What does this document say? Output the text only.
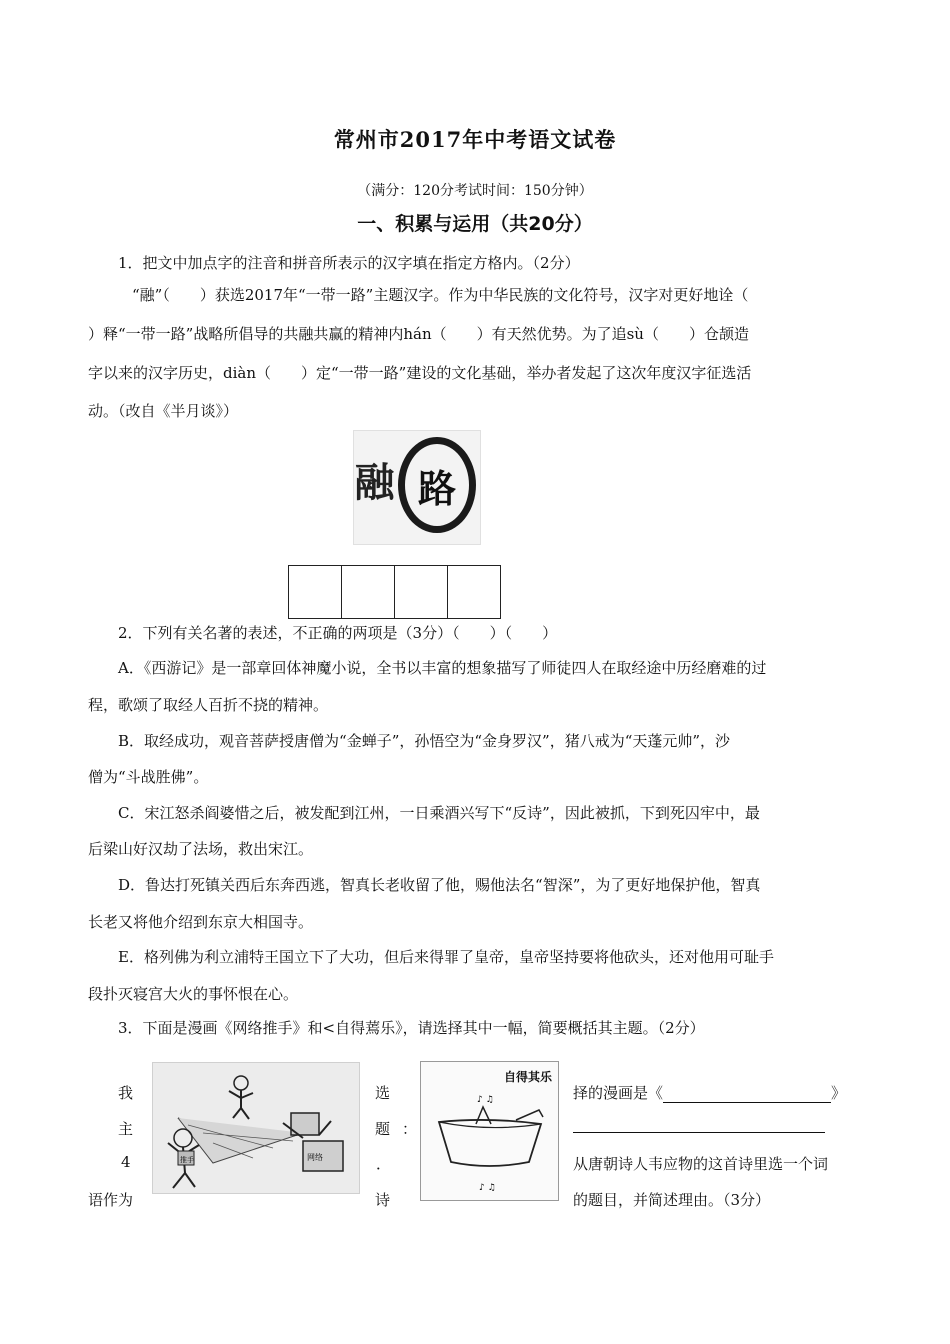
常州市2017年中考语文试卷
（满分：120分考试时间：150分钟）
一、积累与运用（共20分）
1．把文中加点字的注音和拼音所表示的汉字填在指定方格内。（2分）
“融”（　　）获选2017年“一带一路”主题汉字。作为中华民族的文化符号，汉字对更好地诠（
）释“一带一路”战略所倡导的共融共赢的精神内hán（　　）有天然优势。为了追sù（　　）仓颉造
字以来的汉字历史，diàn（　　）定“一带一路”建设的文化基础，举办者发起了这次年度汉字征选活
动。（改自《半月谈》）
融 路
2．下列有关名著的表述，不正确的两项是（3分）（　　）（　　）
A．《西游记》是一部章回体神魔小说，全书以丰富的想象描写了师徒四人在取经途中历经磨难的过
程，歌颂了取经人百折不挠的精神。
B．取经成功，观音菩萨授唐僧为“金蝉子”，孙悟空为“金身罗汉”，猪八戒为“天蓬元帅”，沙
僧为“斗战胜佛”。
C．宋江怒杀阎婆惜之后，被发配到江州，一日乘酒兴写下“反诗”，因此被抓，下到死囚牢中，最
后梁山好汉劫了法场，救出宋江。
D．鲁达打死镇关西后东奔西逃，智真长老收留了他，赐他法名“智深”，为了更好地保护他，智真
长老又将他介绍到东京大相国寺。
E．格列佛为利立浦特王国立下了大功，但后来得罪了皇帝，皇帝坚持要将他砍头，还对他用可耻手
段扑灭寝宫大火的事怀恨在心。
3．下面是漫画《网络推手》和<自得蔫乐》，请选择其中一幅，简要概括其主题。（2分）
推手	网络
自得其乐
♪ ♫
♪ ♫
我
主
4
语作为
选
题 ：
．
诗
择的漫画是《	》
从唐朝诗人韦应物的这首诗里选一个词
的题目，并简述理由。（3分）
